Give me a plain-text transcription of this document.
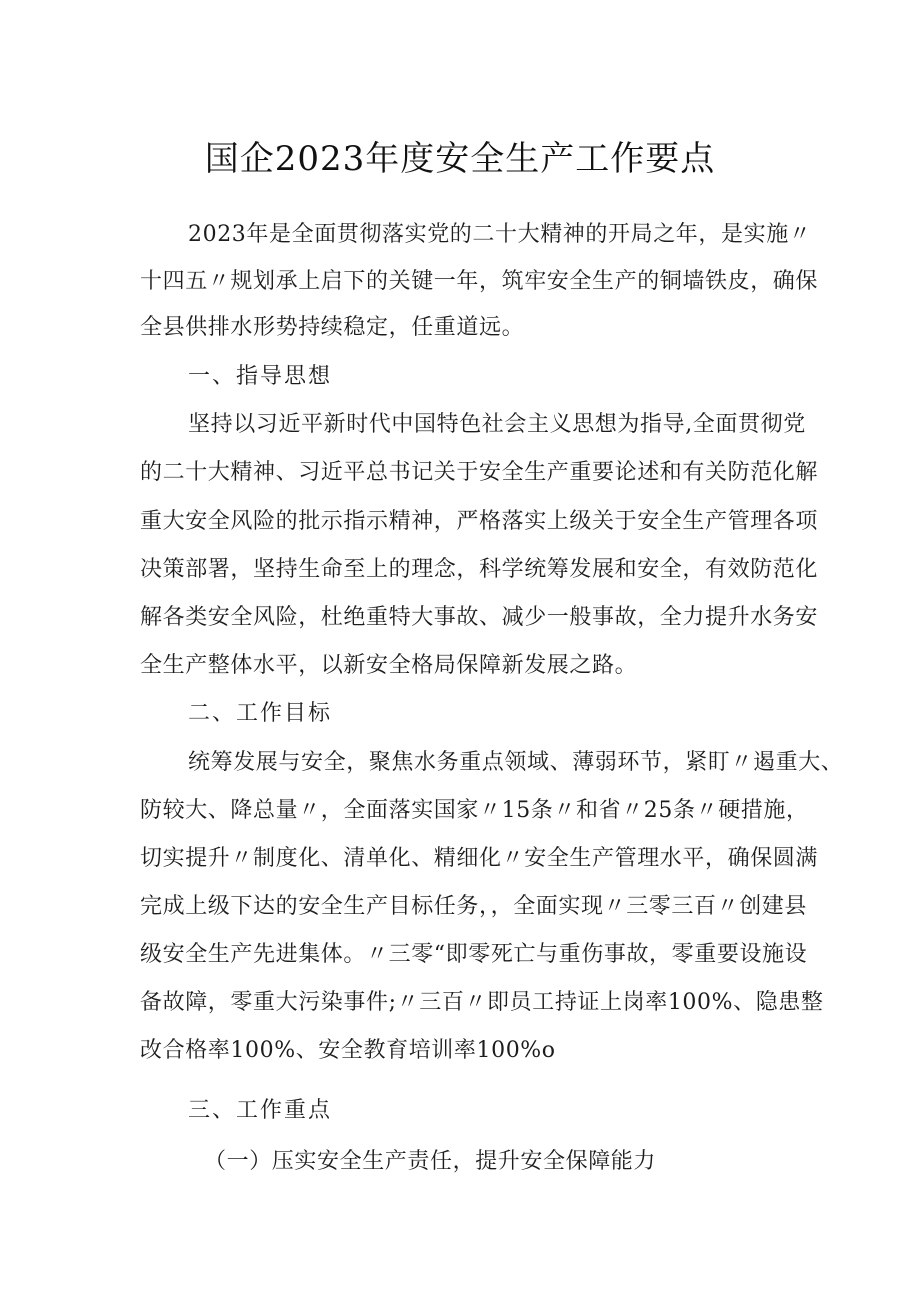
国企2023年度安全生产工作要点
2023年是全面贯彻落实党的二十大精神的开局之年，是实施〃
十四五〃规划承上启下的关键一年，筑牢安全生产的铜墙铁皮，确保
全县供排水形势持续稳定，任重道远。
一、指导思想
坚持以习近平新时代中国特色社会主义思想为指导,全面贯彻党
的二十大精神、习近平总书记关于安全生产重要论述和有关防范化解
重大安全风险的批示指示精神，严格落实上级关于安全生产管理各项
决策部署，坚持生命至上的理念，科学统筹发展和安全，有效防范化
解各类安全风险，杜绝重特大事故、减少一般事故，全力提升水务安
全生产整体水平，以新安全格局保障新发展之路。
二、工作目标
统筹发展与安全，聚焦水务重点领域、薄弱环节，紧盯〃遏重大、
防较大、降总量〃，全面落实国家〃15条〃和省〃25条〃硬措施，
切实提升〃制度化、清单化、精细化〃安全生产管理水平，确保圆满
完成上级下达的安全生产目标任务，，全面实现〃三零三百〃创建县
级安全生产先进集体。〃三零“即零死亡与重伤事故，零重要设施设
备故障，零重大污染事件;〃三百〃即员工持证上岗率100%、隐患整
改合格率100%、安全教育培训率100%o
三、工作重点
（一）压实安全生产责任，提升安全保障能力
